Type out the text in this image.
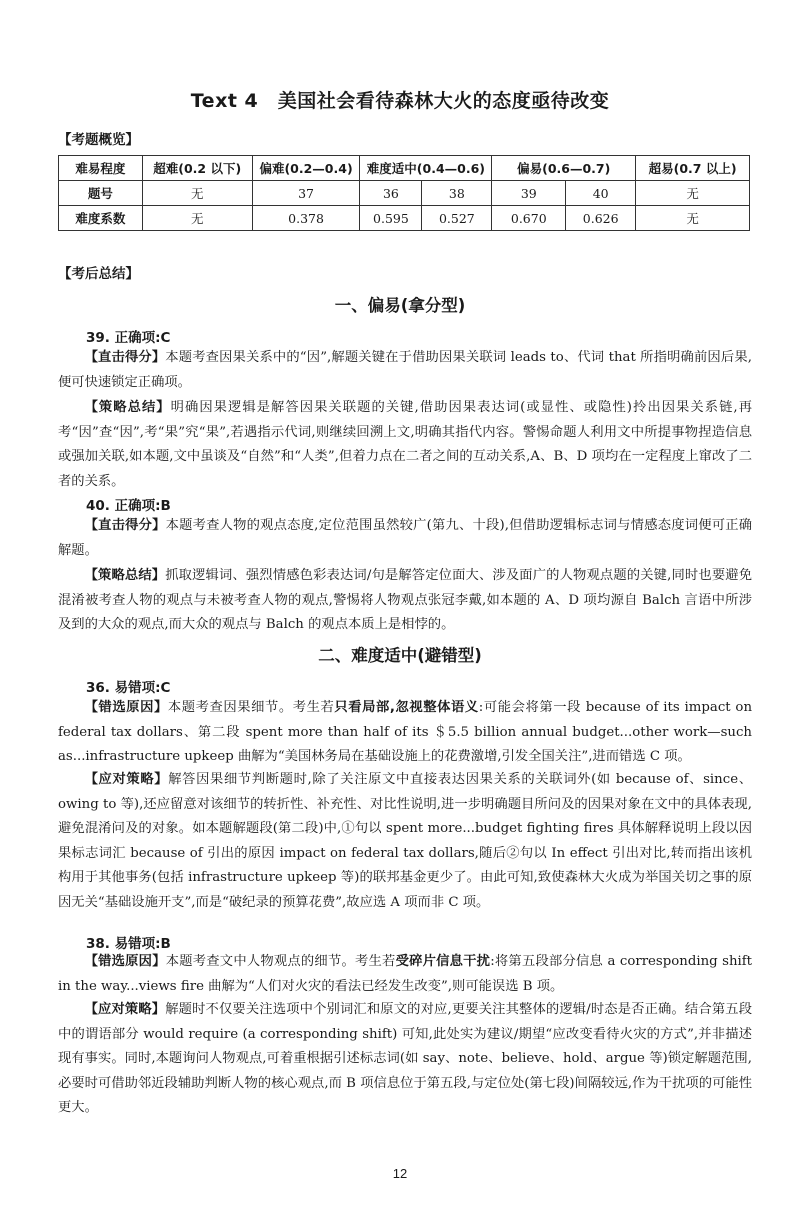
Text 4　美国社会看待森林大火的态度亟待改变
【考题概览】
难易程度	超难(0.2 以下)	偏难(0.2—0.4)	难度适中(0.4—0.6)		偏易(0.6—0.7)		超易(0.7 以上)
题号	无	37	36	38	39	40	无
难度系数	无	0.378	0.595	0.527	0.670	0.626	无
【考后总结】
一、偏易(拿分型)
39. 正确项:C

【直击得分】本题考查因果关系中的“因”,解题关键在于借助因果关联词 leads to、代词 that 所指明确前因后果,便可快速锁定正确项。

【策略总结】明确因果逻辑是解答因果关联题的关键,借助因果表达词(或显性、或隐性)拎出因果关系链,再考“因”查“因”,考“果”究“果”,若遇指示代词,则继续回溯上文,明确其指代内容。警惕命题人利用文中所提事物捏造信息或强加关联,如本题,文中虽谈及“自然”和“人类”,但着力点在二者之间的互动关系,A、B、D 项均在一定程度上窜改了二者的关系。

40. 正确项:B

【直击得分】本题考查人物的观点态度,定位范围虽然较广(第九、十段),但借助逻辑标志词与情感态度词便可正确解题。

【策略总结】抓取逻辑词、强烈情感色彩表达词/句是解答定位面大、涉及面广的人物观点题的关键,同时也要避免混淆被考查人物的观点与未被考查人物的观点,警惕将人物观点张冠李戴,如本题的 A、D 项均源自 Balch 言语中所涉及到的大众的观点,而大众的观点与 Balch 的观点本质上是相悖的。

二、难度适中(避错型)
36. 易错项:C

【错选原因】本题考查因果细节。考生若只看局部,忽视整体语义:可能会将第一段 because of its impact on federal tax dollars、第二段 spent more than half of its ＄5.5 billion annual budget...other work—such as...infrastructure upkeep 曲解为“美国林务局在基础设施上的花费激增,引发全国关注”,进而错选 C 项。

【应对策略】解答因果细节判断题时,除了关注原文中直接表达因果关系的关联词外(如 because of、since、owing to 等),还应留意对该细节的转折性、补充性、对比性说明,进一步明确题目所问及的因果对象在文中的具体表现,避免混淆问及的对象。如本题解题段(第二段)中,①句以 spent more...budget fighting fires 具体解释说明上段以因果标志词汇 because of 引出的原因 impact on federal tax dollars,随后②句以 In effect 引出对比,转而指出该机构用于其他事务(包括 infrastructure upkeep 等)的联邦基金更少了。由此可知,致使森林大火成为举国关切之事的原因无关“基础设施开支”,而是“破纪录的预算花费”,故应选 A 项而非 C 项。

38. 易错项:B

【错选原因】本题考查文中人物观点的细节。考生若受碎片信息干扰:将第五段部分信息 a corresponding shift in the way...views fire 曲解为“人们对火灾的看法已经发生改变”,则可能误选 B 项。

【应对策略】解题时不仅要关注选项中个别词汇和原文的对应,更要关注其整体的逻辑/时态是否正确。结合第五段中的谓语部分 would require (a corresponding shift) 可知,此处实为建议/期望“应改变看待火灾的方式”,并非描述现有事实。同时,本题询问人物观点,可着重根据引述标志词(如 say、note、believe、hold、argue 等)锁定解题范围,必要时可借助邻近段辅助判断人物的核心观点,而 B 项信息位于第五段,与定位处(第七段)间隔较远,作为干扰项的可能性更大。

12
